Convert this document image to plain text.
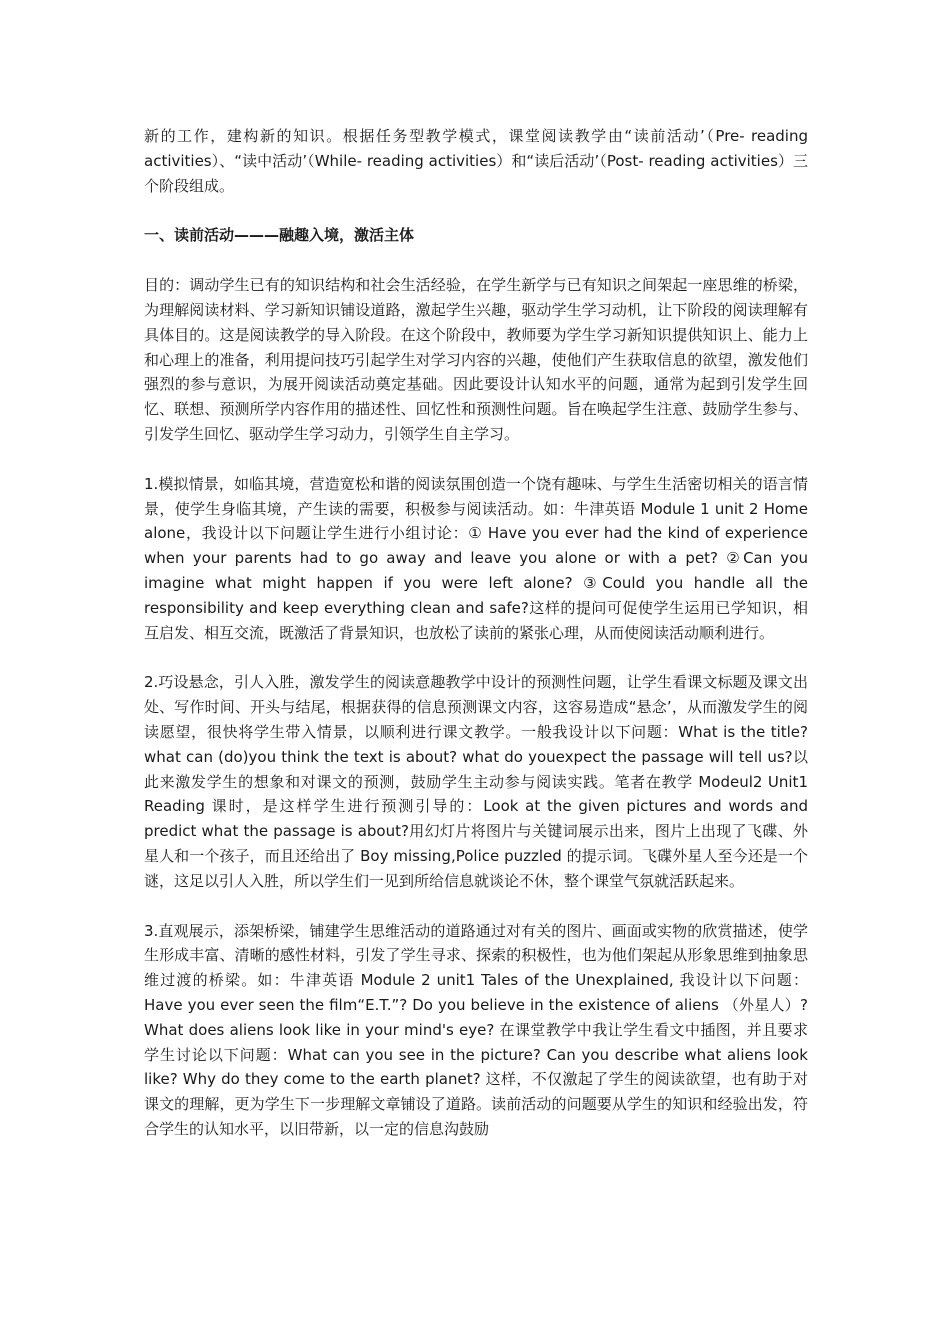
新的工作，建构新的知识。根据任务型教学模式，课堂阅读教学由“读前活动’（Pre- reading activities）、“读中活动’（While- reading activities）和“读后活动’（Post- reading activities）三个阶段组成。

一、读前活动———融趣入境，激活主体

目的：调动学生已有的知识结构和社会生活经验，在学生新学与已有知识之间架起一座思维的桥梁，为理解阅读材料、学习新知识铺设道路，激起学生兴趣，驱动学生学习动机，让下阶段的阅读理解有具体目的。这是阅读教学的导入阶段。在这个阶段中，教师要为学生学习新知识提供知识上、能力上和心理上的准备，利用提问技巧引起学生对学习内容的兴趣，使他们产生获取信息的欲望，激发他们强烈的参与意识，为展开阅读活动奠定基础。因此要设计认知水平的问题，通常为起到引发学生回忆、联想、预测所学内容作用的描述性、回忆性和预测性问题。旨在唤起学生注意、鼓励学生参与、引发学生回忆、驱动学生学习动力，引领学生自主学习。

1.模拟情景，如临其境，营造宽松和谐的阅读氛围创造一个饶有趣味、与学生生活密切相关的语言情景，使学生身临其境，产生读的需要，积极参与阅读活动。如：牛津英语 Module 1 unit 2 Home alone，我设计以下问题让学生进行小组讨论：① Have you ever had the kind of experience when your parents had to go away and leave you alone or with a pet? ②Can you imagine what might happen if you were left alone? ③Could you handle all the responsibility and keep everything clean and safe?这样的提问可促使学生运用已学知识，相互启发、相互交流，既激活了背景知识，也放松了读前的紧张心理，从而使阅读活动顺利进行。

2.巧设悬念，引人入胜，激发学生的阅读意趣教学中设计的预测性问题，让学生看课文标题及课文出处、写作时间、开头与结尾，根据获得的信息预测课文内容，这容易造成“悬念’，从而激发学生的阅读愿望，很快将学生带入情景，以顺利进行课文教学。一般我设计以下问题：What is the title? what can (do)you think the text is about? what do youexpect the passage will tell us?以此来激发学生的想象和对课文的预测，鼓励学生主动参与阅读实践。笔者在教学 Modeul2 Unit1 Reading 课时，是这样学生进行预测引导的：Look at the given pictures and words and predict what the passage is about?用幻灯片将图片与关键词展示出来，图片上出现了飞碟、外星人和一个孩子，而且还给出了 Boy missing,Police puzzled 的提示词。飞碟外星人至今还是一个谜，这足以引人入胜，所以学生们一见到所给信息就谈论不休，整个课堂气氛就活跃起来。

3.直观展示，添架桥梁，铺建学生思维活动的道路通过对有关的图片、画面或实物的欣赏描述，使学生形成丰富、清晰的感性材料，引发了学生寻求、探索的积极性，也为他们架起从形象思维到抽象思维过渡的桥梁。如：牛津英语 Module 2 unit1 Tales of the Unexplained, 我设计以下问题：Have you ever seen the film“E.T.”? Do you believe in the existence of aliens （外星人）? What does aliens look like in your mind's eye? 在课堂教学中我让学生看文中插图，并且要求学生讨论以下问题：What can you see in the picture? Can you describe what aliens look like? Why do they come to the earth planet? 这样，不仅激起了学生的阅读欲望，也有助于对课文的理解，更为学生下一步理解文章铺设了道路。读前活动的问题要从学生的知识和经验出发，符合学生的认知水平，以旧带新，以一定的信息沟鼓励
